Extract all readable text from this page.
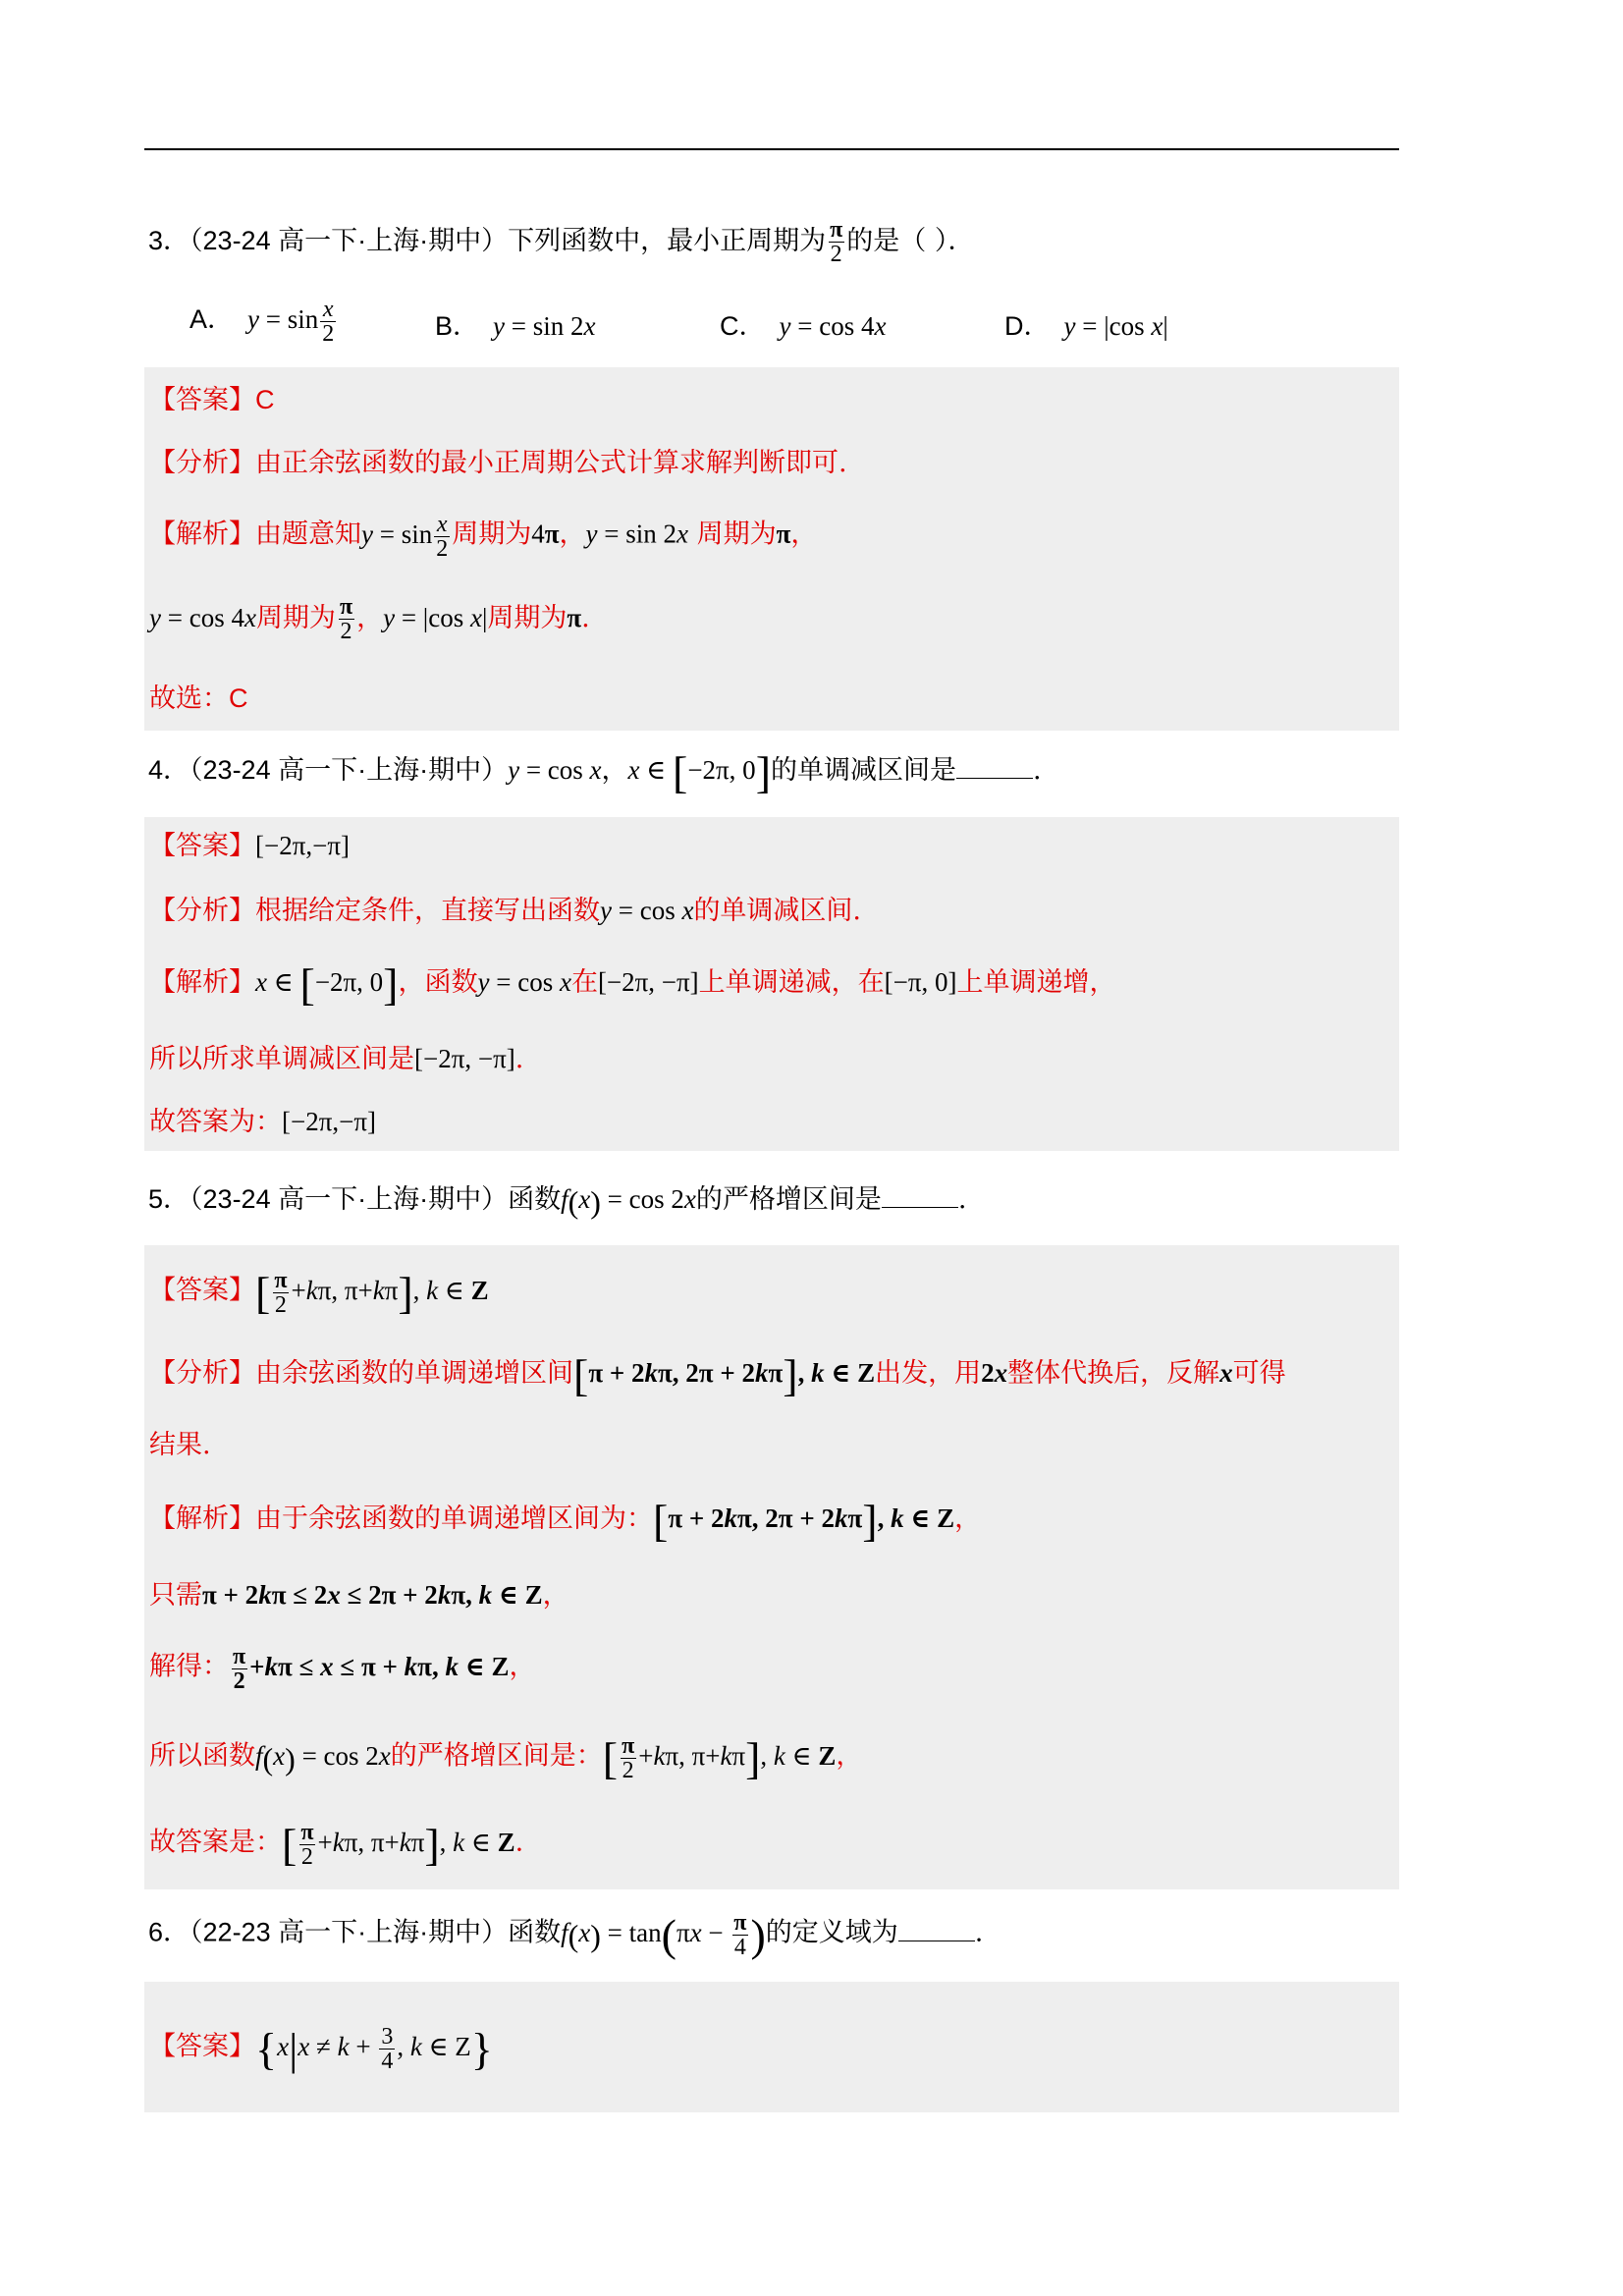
3．（23-24 高一下·上海·期中）下列函数中，最小正周期为 $\frac{\pi}{2}$ 的是（ ）．
A． $y = \sin \frac{x}{2}$	B． y = sin 2x	C． y = cos 4x	D． y = |cos x|
【答案】C
【分析】由正余弦函数的最小正周期公式计算求解判断即可.
【解析】由题意知$y = \sin \frac{x}{2}$ 周期为4π，y = sin 2x 周期为π，
y = cos 4x周期为 $\frac{\pi}{2}$ ，y = |cos x|周期为π.
故选：C
4．（23-24 高一下·上海·期中）y = cos x，x ∈ [−2π, 0]的单调减区间是	.
【答案】[−2π,−π]
【分析】根据给定条件，直接写出函数y = cos x的单调减区间.
【解析】x ∈ [−2π, 0]，函数y = cos x在[−2π, −π]上单调递减，在[−π, 0]上单调递增，
所以所求单调减区间是[−2π, −π].
故答案为：[−2π,−π]
5．（23-24 高一下·上海·期中）函数f(x) = cos 2x的严格增区间是	.
【答案】[ $\frac{\pi}{2} +k\pi$, π+kπ], k ∈ Z
【分析】由余弦函数的单调递增区间[π + 2kπ, 2π + 2kπ], k ∈ Z出发，用2x整体代换后，反解x可得
结果.
【解析】由于余弦函数的单调递增区间为：[π + 2kπ, 2π + 2kπ], k ∈ Z，
只需π + 2kπ ≤ 2x ≤ 2π + 2kπ, k ∈ Z，
解得： $\frac{\pi}{2} +k\pi \le x \le \pi + k\pi$, k ∈ Z，
所以函数f(x) = cos 2x的严格增区间是：[ $\frac{\pi}{2} +k\pi$, π+kπ], k ∈ Z，
故答案是：[ $\frac{\pi}{2} +k\pi$, π+kπ], k ∈ Z.
6．（22-23 高一下·上海·期中）函数$f(x) = \tan(\pi x - \frac{\pi}{4}$ )的定义域为	.
【答案】{$x|x \ne k + \frac{3}{4}$ , k ∈ Z}
